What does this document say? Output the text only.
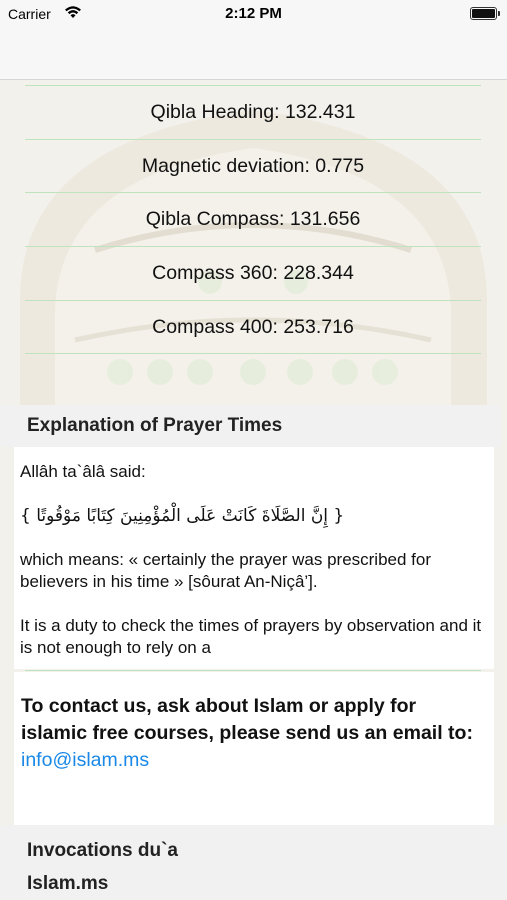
Carrier	2:12 PM
Qibla Heading: 132.431
Magnetic deviation: 0.775
Qibla Compass: 131.656
Compass 360: 228.344
Compass 400: 253.716
Explanation of Prayer Times

Allâh ta`âlâ said:

{ إِنَّ الصَّلَاةَ كَانَتْ عَلَى الْمُؤْمِنِينَ كِتَابًا مَوْقُوتًا }

which means: « certainly the prayer was prescribed for believers in his time » [sôurat An-Niçâ’].

It is a duty to check the times of prayers by observation and it is not enough to rely on a

To contact us, ask about Islam or apply for islamic free courses, please send us an email to: info@islam.ms
Invocations du`a
Islam.ms
